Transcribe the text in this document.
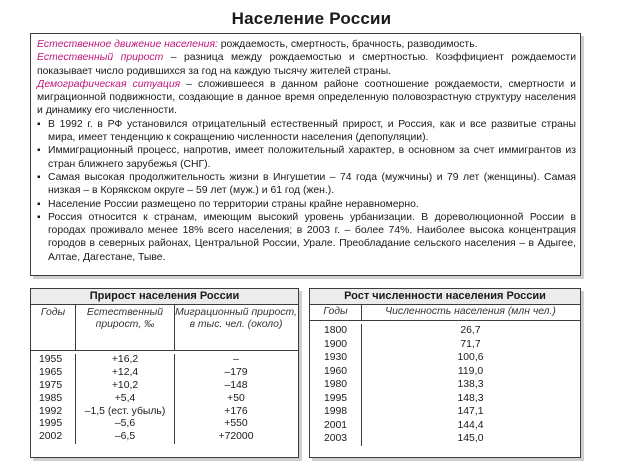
Население России

Естественное движение населения: рождаемость, смертность, брачность, разводимость.

Естественный прирост – разница между рождаемостью и смертностью. Коэффициент рождаемости показывает число родившихся за год на каждую тысячу жителей страны.

Демографическая ситуация – сложившееся в данном районе соотношение рождаемости, смертности и миграционной подвижности, создающие в данное время определенную половозрастную структуру населения и динамику его численности.

▪ В 1992 г. в РФ установился отрицательный естественный прирост, и Россия, как и все развитые страны мира, имеет тенденцию к сокращению численности населения (депопуляции).

▪ Иммиграционный процесс, напротив, имеет положительный характер, в основном за счет иммигрантов из стран ближнего зарубежья (СНГ).

▪ Самая высокая продолжительность жизни в Ингушетии – 74 года (мужчины) и 79 лет (женщины). Самая низкая – в Корякском округе – 59 лет (муж.) и 61 год (жен.).

▪ Население России размещено по территории страны крайне неравномерно.

▪ Россия относится к странам, имеющим высокий уровень урбанизации. В дореволюционной России в городах проживало менее 18% всего населения; в 2003 г. – более 74%. Наиболее высока концентрация городов в северных районах, Центральной России, Урале. Преобладание сельского населения – в Адыгее, Алтае, Дагестане, Тыве.

Прирост населения России
Годы	Естественный прирост, ‰
Миграционный прирост, в тыс. чел. (около)
1955
1965
1975
1985
1992
1995
2002
+16,2
+12,4
+10,2
+5,4
–1,5 (ест. убыль)
–5,6
–6,5
–
–179
–148
+50
+176
+550
+72000
Рост численности населения России
Годы	Численность населения (млн чел.)
1800
1900
1930
1960
1980
1995
1998
2001
2003
26,7
71,7
100,6
119,0
138,3
148,3
147,1
144,4
145,0
